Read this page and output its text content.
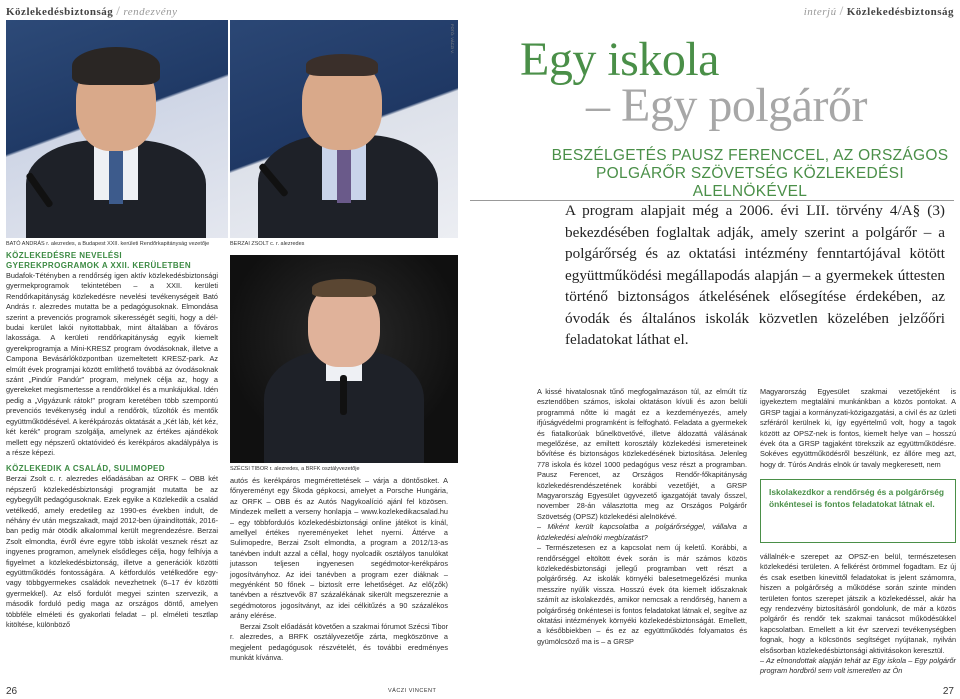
Közlekedésbiztonság / rendezvény	interjú / Közlekedésbiztonság
FOTÓ: VÁCZI V.
BATÓ ANDRÁS r. alezredes, a Budapest XXII. kerületi Rendőrkapitányság vezetője	BERZAI ZSOLT c. r. alezredes
SZÉCSI TIBOR r. alezredes, a BRFK osztályvezetője
KÖZLEKEDÉSRE NEVELÉSI
GYEREKPROGRAMOK A XXII. KERÜLETBEN

Budafok-Tétényben a rendőrség igen aktív közlekedésbiztonsági gyermekprogramok tekintetében – a XXII. kerületi Rendőrkapitányság közlekedésre nevelési tevékenységeit Bató András r. alezredes mutatta be a pedagógusoknak. Elmondása szerint a prevenciós programok sikerességét segíti, hogy a dél-budai kerület lakói nyitottabbak, mint általában a főváros lakossága. A kerületi rendőrkapitányság egyik kiemelt gyerekprogramja a Mini-KRESZ program óvodásoknak, illetve a Campona Bevásárlóközpontban üzemeltetett KRESZ-park. Az elmúlt évek programjai között említhető továbbá az óvodásoknak szánt „Pindúr Pandúr” program, melynek célja az, hogy a gyerekeket megismertesse a rendőrökkel és a munkájukkal. Idén pedig a „Vigyázunk rátok!” program keretében több szempontú prevenciós tevékenység indul a rendőrök, tűzoltók és mentők együttműködésével. A kerékpározás oktatását a „Két láb, két kéz, két kerék” program szolgálja, amelynek az értékes ajándékok mellett egy népszerű oktatóvideó és kerékpáros akadálypálya is a része képezi.

KÖZLEKEDIK A CSALÁD, SULIMOPED

Berzai Zsolt c. r. alezredes előadásában az ORFK – OBB két népszerű közlekedésbiztonsági programját mutatta be az egybegyűlt pedagógusoknak. Ezek egyike a Közlekedik a család vetélkedő, amely eredetileg az 1990-es években indult, de néhány év után megszakadt, majd 2012-ben újraindították, 2016-ban pedig már ötödik alkalommal került megrendezésre. Berzai Zsolt elmondta, évről évre egyre több iskolát vesznek részt az ingyenes programon, amelynek elsődleges célja, hogy felhívja a figyelmet a közlekedésbiztonság, illetve a generációk közötti együttműködés fontosságára. A kétfordulós vetélkedőre egy- vagy többgyermekes családok nevezhetnek (6–17 év közötti gyermekkel). Az első fordulót megyei szinten szervezik, a második forduló pedig maga az országos döntő, amelyen többféle elméleti és gyakorlati feladat – pl. elméleti tesztlap kitöltése, különböző

autós és kerékpáros megmérettetések – várja a döntősöket. A főnyereményt egy Škoda gépkocsi, amelyet a Porsche Hungária, az ORFK – OBB és az Autós Nagykoalíció ajánl fel közösen. Mindezek mellett a verseny honlapja – www.kozlekedikacsalad.hu – egy többfordulós közlekedésbiztonsági online játékot is kínál, amellyel értékes nyereményeket lehet nyerni. Áttérve a Sulimopedre, Berzai Zsolt elmondta, a program a 2012/13-as tanévben indult azzal a céllal, hogy nyolcadik osztályos tanulókat jutasson teljesen ingyenesen segédmotor-kerékpáros jogosítványhoz. Az idei tanévben a program ezer diáknak – megyénként 50 főnek – biztosít erre lehetőséget. Az elő(zők) tanévben a résztvevők 87 százalékának sikerült megszereznie a segédmotoros jogosítványt, az idei célkitűzés a 90 százalékos arány elérése.

Berzai Zsolt előadását követően a szakmai fórumot Szécsi Tibor r. alezredes, a BRFK osztályvezetője zárta, megköszönve a megjelent pedagógusok részvételét, és további eredményes munkát kívánva.

VÁCZI VINCENT
Egy iskola
– Egy polgárőr
BESZÉLGETÉS PAUSZ FERENCCEL, AZ ORSZÁGOS POLGÁRŐR SZÖVETSÉG KÖZLEKEDÉSI ALELNÖKÉVEL
A program alapjait még a 2006. évi LII. törvény 4/A§ (3) bekezdésében foglaltak adják, amely szerint a polgárőr – a polgárőrség és az oktatási intézmény fenntartójával kötött együttműködési megállapodás alapján – a gyermekek úttesten történő biztonságos átkelésének elősegítése érdekében, az óvodák és általános iskolák közvetlen közelében jelzőőri feladatokat láthat el.

A kissé hivatalosnak tűnő megfogalmazáson túl, az elmúlt tíz esztendőben számos, iskolai oktatáson kívüli és azon belüli programmá nőtte ki magát ez a kezdeményezés, amely ifjúságvédelmi programként is felfogható. Feladata a gyermekek és fiatalkorúak bűnelkövetővé, illetve áldozattá válásának megelőzése, az emiltett korosztály közlekedési ismereteinek bővítése és biztonságos közlekedésének biztosítása. Jelenleg 778 iskola és közel 1000 pedagógus vesz részt a programban. Pausz Ferencet, az Országos Rendőr-főkapitányság közlekedésrendészetének korábbi vezetőjét, a GRSP Magyarország Egyesület ügyvezető igazgatóját tavaly ősszel, november 28-án választotta meg az Országos Polgárőr Szövetség (OPSZ) közlekedési alelnökévé.

– Miként került kapcsolatba a polgárőrséggel, vállalva a közlekedési alelnöki megbízatást?

– Természetesen ez a kapcsolat nem új keletű. Korábbi, a rendőrséggel eltöltött évek során is már számos közös közlekedésbiztonsági jellegű programban vett részt a polgárőrség. Az iskolák környéki balesetmegelőzési munka messzire nyúlik vissza. Hosszú évek óta kiemelt időszaknak számít az iskolakezdés, amikor nemcsak a rendőrség, hanem a polgárőrség önkéntesei is fontos feladatokat látnak el, segítve az oktatási intézmények környéki közlekedésbiztonságát. Emellett, a későbbiekben – és ez az együttműködés folyamatos és gyümölcsöző ma is – a GRSP

Magyarország Egyesület szakmai vezetőjeként is igyekeztem megtalálni munkánkban a közös pontokat. A GRSP tagjai a kormányzati-közigazgatási, a civil és az üzleti szféráról kerülnek ki, így egyértelmű volt, hogy a tagok között az OPSZ-nek is fontos, kiemelt helye van – hosszú évek óta a GRSP tagjaként törekszik az együttműködésre. Sokéves együttműködésről beszélünk, ez állóre meg azt, hogy dr. Túrós András elnök úr tavaly megkeresett, nem

Iskolakezdkor a rendőrség és a polgárőrség önkéntesei is fontos feladatokat látnak el.

vállalnék-e szerepet az OPSZ-en belül, természetesen közlekedési területen. A felkérést örömmel fogadtam. Ez új és csak esetben kinevittől feladatokat is jelent számomra, hiszen a polgárőrség a működése során szinte minden területen fontos szerepet játszik a közlekedéssel, akár ha egy rendezvény biztosításáról gondolunk, de már a közös polgárőr és rendőr tek szakmai tanácsot működésükkel kapcsolatban. Emellett a kit évr szervezi tevékenységben fognak, hogy a kölcsönös segítséget nyújtanak, nyilván elsősorban közlekedésbiztonsági aktivitásokon keresztül.

– Az elmondottak alapján tehát az Egy iskola – Egy polgárőr program hordbról sem volt ismeretlen az Ön

26	27
